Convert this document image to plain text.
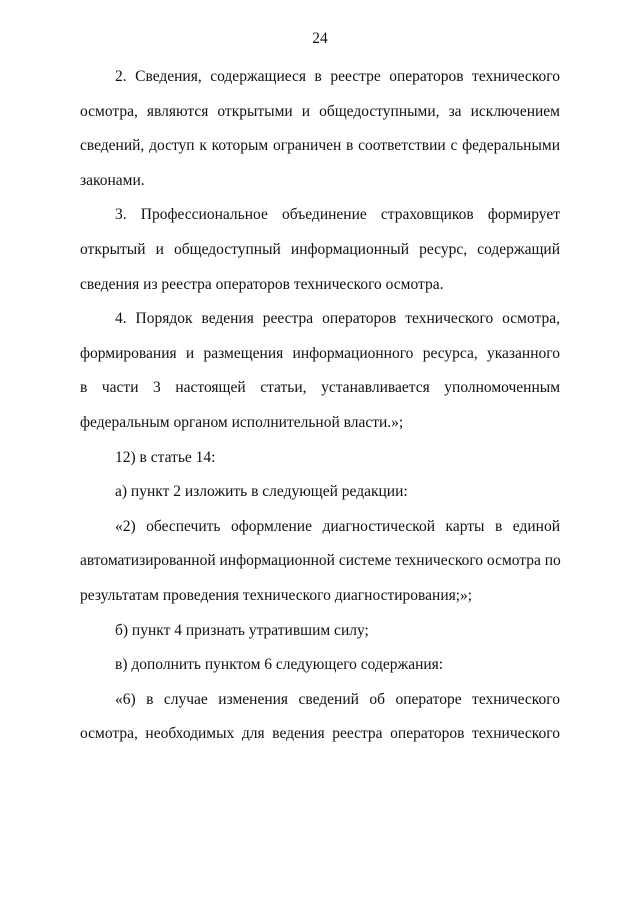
24
2. Сведения, содержащиеся в реестре операторов технического
осмотра, являются открытыми и общедоступными, за исключением
сведений, доступ к которым ограничен в соответствии с федеральными
законами.
3. Профессиональное объединение страховщиков формирует
открытый и общедоступный информационный ресурс, содержащий
сведения из реестра операторов технического осмотра.
4. Порядок ведения реестра операторов технического осмотра,
формирования и размещения информационного ресурса, указанного
в части 3 настоящей статьи, устанавливается уполномоченным
федеральным органом исполнительной власти.»;
12) в статье 14:
а) пункт 2 изложить в следующей редакции:
«2) обеспечить оформление диагностической карты в единой
автоматизированной информационной системе технического осмотра по
результатам проведения технического диагностирования;»;
б) пункт 4 признать утратившим силу;
в) дополнить пунктом 6 следующего содержания:
«6) в случае изменения сведений об операторе технического
осмотра, необходимых для ведения реестра операторов технического
